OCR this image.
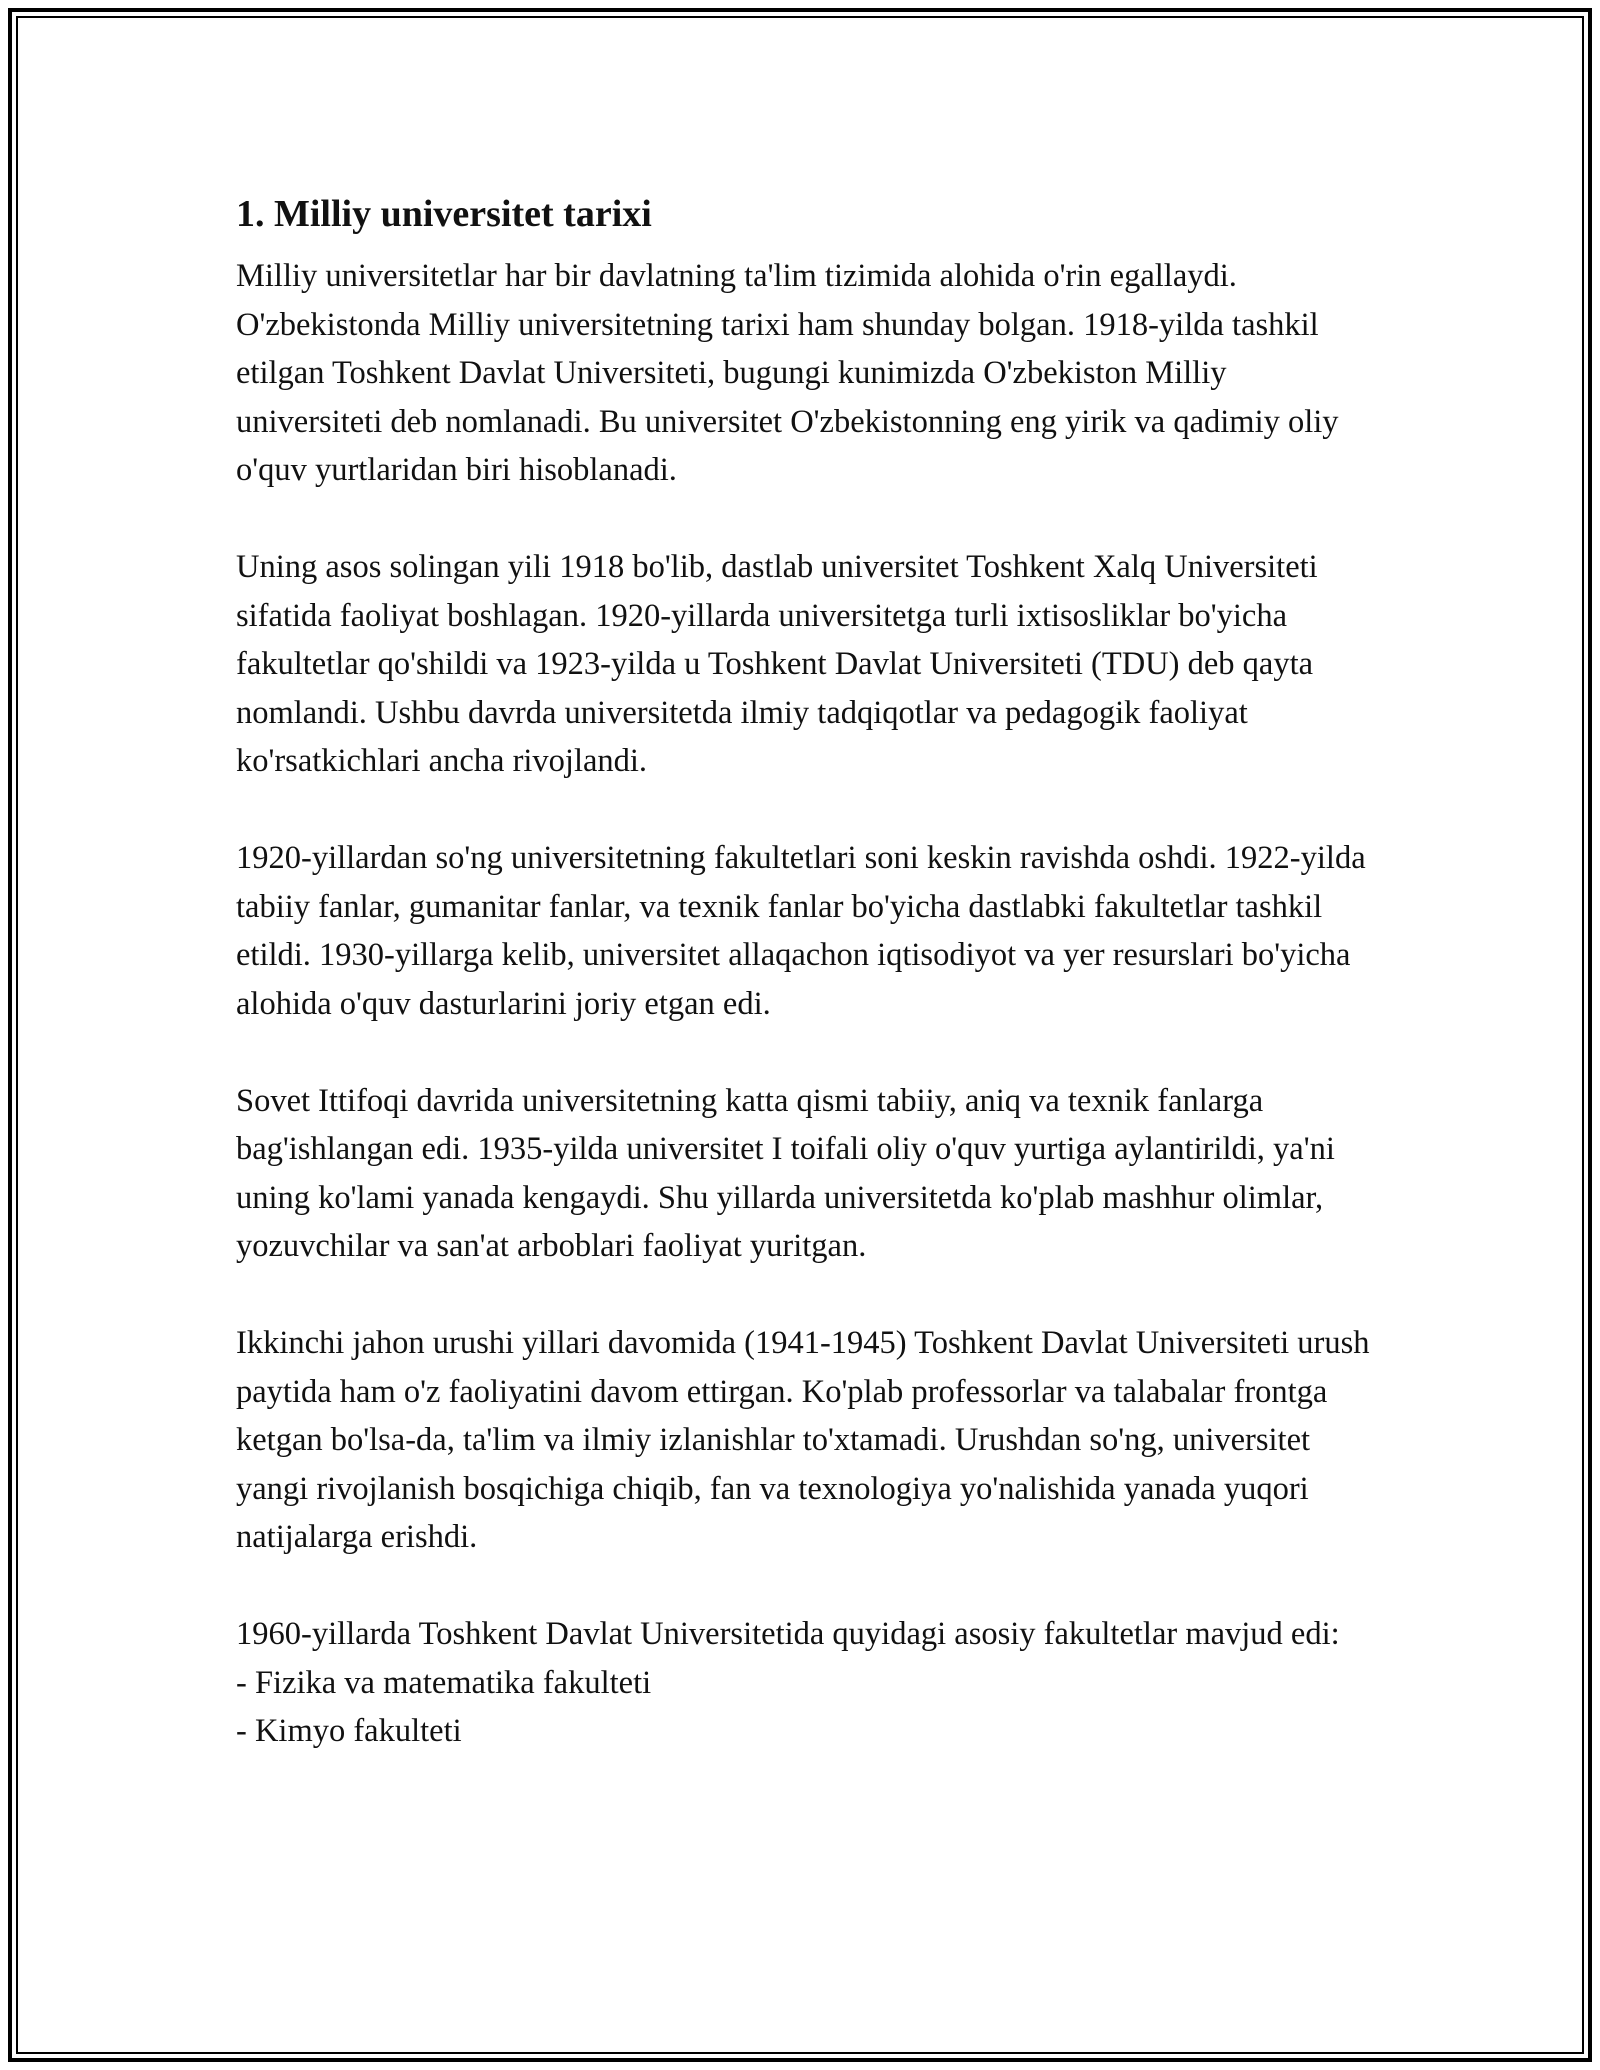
1. Milliy universitet tarixi

Milliy universitetlar har bir davlatning ta'lim tizimida alohida o'rin egallaydi. O'zbekistonda Milliy universitetning tarixi ham shunday bolgan. 1918-yilda tashkil etilgan Toshkent Davlat Universiteti, bugungi kunimizda O'zbekiston Milliy universiteti deb nomlanadi. Bu universitet O'zbekistonning eng yirik va qadimiy oliy o'quv yurtlaridan biri hisoblanadi.

Uning asos solingan yili 1918 bo'lib, dastlab universitet Toshkent Xalq Universiteti sifatida faoliyat boshlagan. 1920-yillarda universitetga turli ixtisosliklar bo'yicha fakultetlar qo'shildi va 1923-yilda u Toshkent Davlat Universiteti (TDU) deb qayta nomlandi. Ushbu davrda universitetda ilmiy tadqiqotlar va pedagogik faoliyat ko'rsatkichlari ancha rivojlandi.

1920-yillardan so'ng universitetning fakultetlari soni keskin ravishda oshdi. 1922-yilda tabiiy fanlar, gumanitar fanlar, va texnik fanlar bo'yicha dastlabki fakultetlar tashkil etildi. 1930-yillarga kelib, universitet allaqachon iqtisodiyot va yer resurslari bo'yicha alohida o'quv dasturlarini joriy etgan edi.

Sovet Ittifoqi davrida universitetning katta qismi tabiiy, aniq va texnik fanlarga bag'ishlangan edi. 1935-yilda universitet I toifali oliy o'quv yurtiga aylantirildi, ya'ni uning ko'lami yanada kengaydi. Shu yillarda universitetda ko'plab mashhur olimlar, yozuvchilar va san'at arboblari faoliyat yuritgan.

Ikkinchi jahon urushi yillari davomida (1941-1945) Toshkent Davlat Universiteti urush paytida ham o'z faoliyatini davom ettirgan. Ko'plab professorlar va talabalar frontga ketgan bo'lsa-da, ta'lim va ilmiy izlanishlar to'xtamadi. Urushdan so'ng, universitet yangi rivojlanish bosqichiga chiqib, fan va texnologiya yo'nalishida yanada yuqori natijalarga erishdi.

1960-yillarda Toshkent Davlat Universitetida quyidagi asosiy fakultetlar mavjud edi:

- Fizika va matematika fakulteti
- Kimyo fakulteti
